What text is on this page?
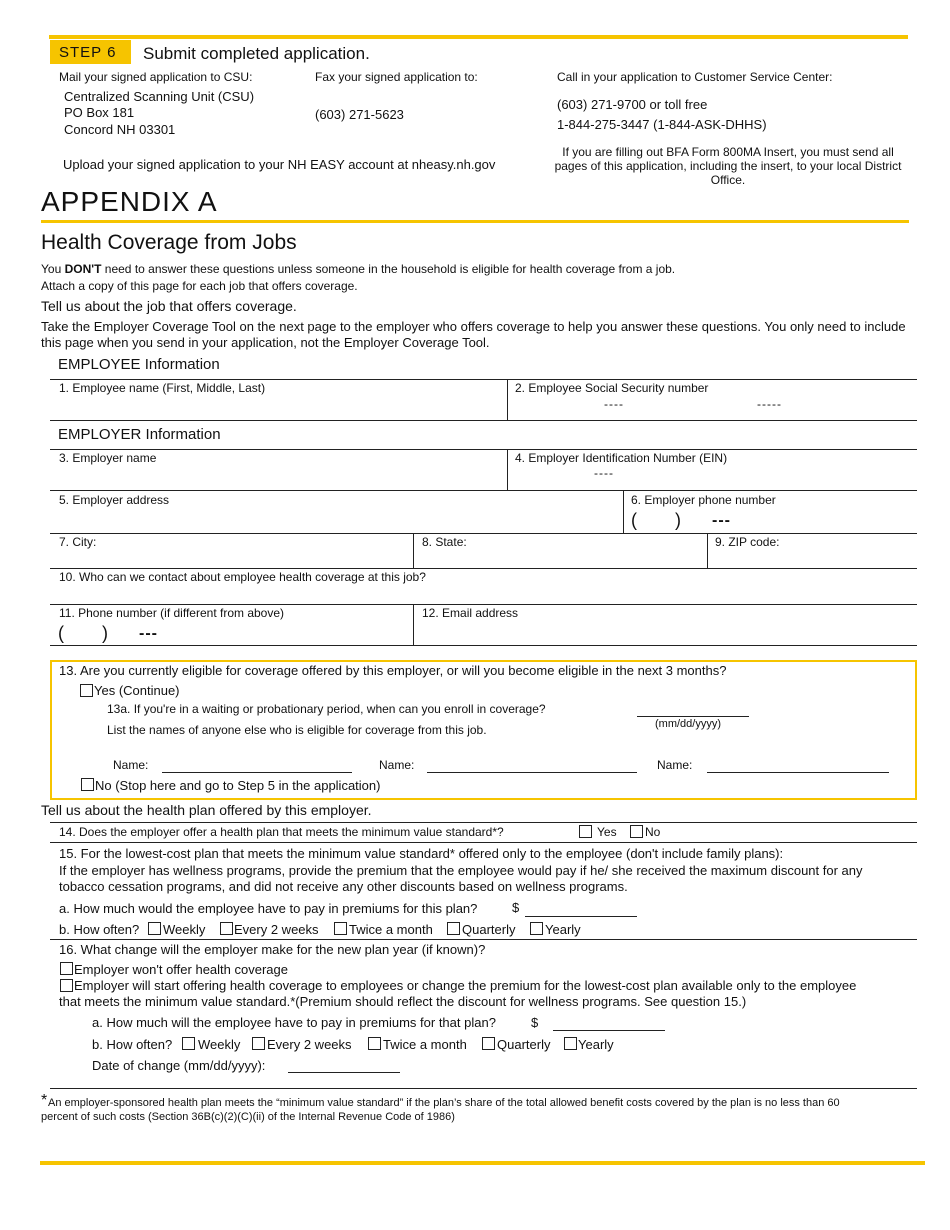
STEP 6 Submit completed application.
Mail your signed application to CSU:
Centralized Scanning Unit (CSU)
PO Box 181
Concord NH 03301
Fax your signed application to:
(603) 271-5623
Call in your application to Customer Service Center:
(603) 271-9700 or toll free
1-844-275-3447 (1-844-ASK-DHHS)
Upload your signed application to your NH EASY account at nheasy.nh.gov
If you are filling out BFA Form 800MA Insert, you must send all pages of this application, including the insert, to your local District Office.
APPENDIX A
Health Coverage from Jobs
You DON'T need to answer these questions unless someone in the household is eligible for health coverage from a job.
Attach a copy of this page for each job that offers coverage.
Tell us about the job that offers coverage.
Take the Employer Coverage Tool on the next page to the employer who offers coverage to help you answer these questions. You only need to include this page when you send in your application, not the Employer Coverage Tool.
EMPLOYEE Information
1. Employee name (First, Middle, Last)	2. Employee Social Security number
----	-----
EMPLOYER Information
3. Employer name	4. Employer Identification Number (EIN)
----
5. Employer address	6. Employer phone number
( ) ---
7. City:	8. State:	9. ZIP code:
10. Who can we contact about employee health coverage at this job?
11. Phone number (if different from above)
( ) ---
12. Email address
13. Are you currently eligible for coverage offered by this employer, or will you become eligible in the next 3 months?
Yes (Continue)
13a. If you're in a waiting or probationary period, when can you enroll in coverage?
(mm/dd/yyyy)
List the names of anyone else who is eligible for coverage from this job.
Name:	Name:	Name:
No (Stop here and go to Step 5 in the application)
Tell us about the health plan offered by this employer.
14. Does the employer offer a health plan that meets the minimum value standard*?	Yes No
15. For the lowest-cost plan that meets the minimum value standard* offered only to the employee (don't include family plans):
If the employer has wellness programs, provide the premium that the employee would pay if he/ she received the maximum discount for any tobacco cessation programs, and did not receive any other discounts based on wellness programs.
a. How much would the employee have to pay in premiums for this plan?	$
b. How often? Weekly Every 2 weeks Twice a month Quarterly Yearly
16. What change will the employer make for the new plan year (if known)?
Employer won't offer health coverage
Employer will start offering health coverage to employees or change the premium for the lowest-cost plan available only to the employee that meets the minimum value standard.*(Premium should reflect the discount for wellness programs. See question 15.)
a. How much will the employee have to pay in premiums for that plan?	$
b. How often? Weekly Every 2 weeks Twice a month Quarterly Yearly
Date of change (mm/dd/yyyy):
* An employer-sponsored health plan meets the “minimum value standard” if the plan’s share of the total allowed benefit costs covered by the plan is no less than 60
percent of such costs (Section 36B(c)(2)(C)(ii) of the Internal Revenue Code of 1986)
